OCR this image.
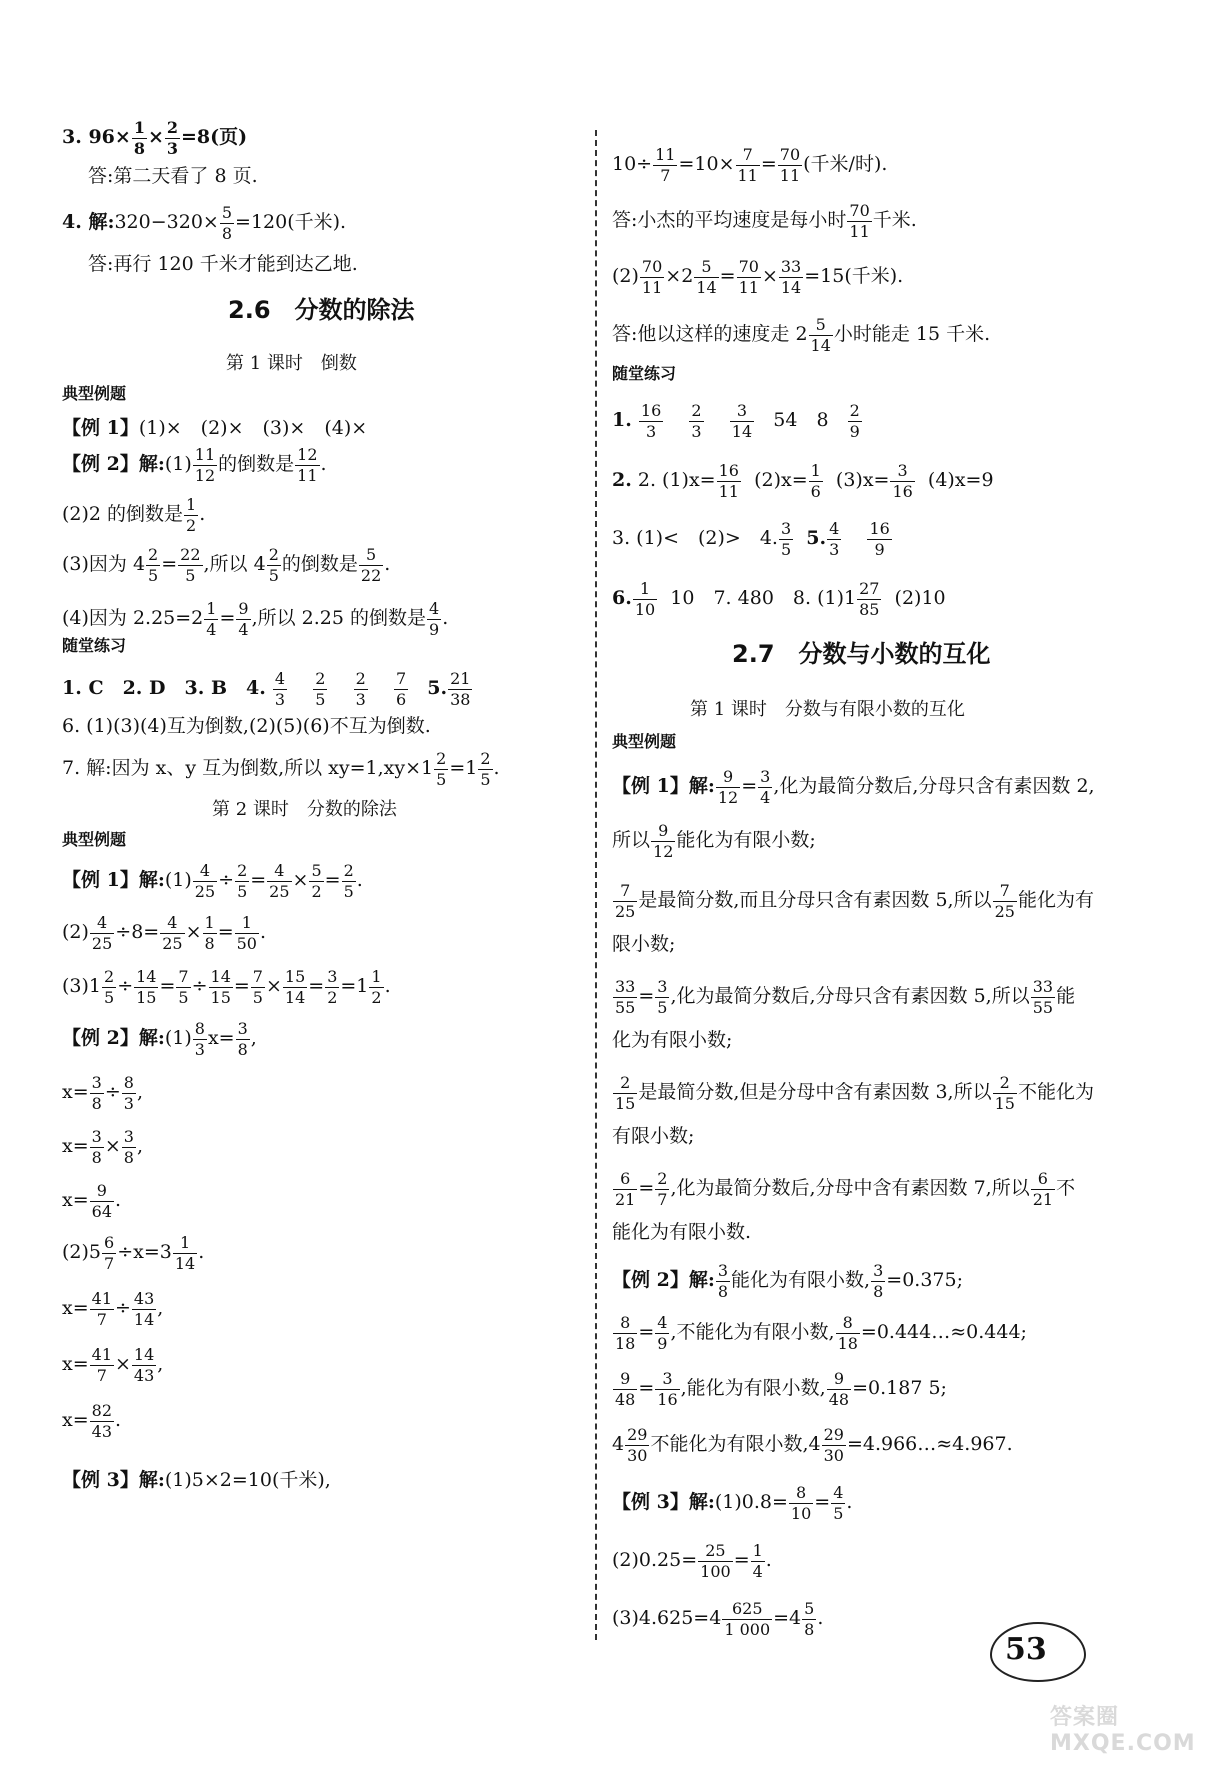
3. $96\times \frac{1}{8} \times \frac{2}{3} =8$(页)
答:第二天看了 8 页.
4. 解:320−320× $\frac{5}{8} =120$(千米).
答:再行 120 千米才能到达乙地.
2.6　分数的除法
第 1 课时　倒数
典型例题
【例 1】(1)×　(2)×　(3)×　(4)×
【例 2】解:(1) $\frac{11}{12}$ 的倒数是 $\frac{12}{11}$ .
(2)2 的倒数是 $\frac{1}{2}$ .
(3)因为 $4 \frac{2}{5} = \frac{22}{5}$ ,所以 $4 \frac{2}{5}$ 的倒数是 $\frac{5}{22}$ .
(4)因为 $2.25=2 \frac{1}{4} = \frac{9}{4}$ ,所以 2.25 的倒数是 $\frac{4}{9}$ .
随堂练习
1. C　2. D　3. B　4. $\frac{4}{3}$
$\frac{2}{5}$
$\frac{2}{3}$
$\frac{7}{6} 5$. $\frac{21}{38}$
6. (1)(3)(4)互为倒数,(2)(5)(6)不互为倒数.
7. 解:因为 x、y 互为倒数,所以 $xy=1,xy\times 1 \frac{2}{5} =1 \frac{2}{5}$ .
第 2 课时　分数的除法
典型例题
【例 1】解:(1) $\frac{4}{25} \div \frac{2}{5} = \frac{4}{25} \times \frac{5}{2} = \frac{2}{5}$ .
$(2) \frac{4}{25} \div 8= \frac{4}{25} \times \frac{1}{8} = \frac{1}{50}$ .
$(3)1 \frac{2}{5} \div \frac{14}{15} = \frac{7}{5} \div \frac{14}{15} = \frac{7}{5} \times \frac{15}{14} = \frac{3}{2} =1 \frac{1}{2}$ .
【例 2】解:(1) $\frac{8}{3} x= \frac{3}{8}$ ,
$x= \frac{3}{8} \div \frac{8}{3}$ ,
$x= \frac{3}{8} \times \frac{3}{8}$ ,
$x= \frac{9}{64}$ .
$(2)5 \frac{6}{7} \div x=3 \frac{1}{14}$ .
$x= \frac{41}{7} \div \frac{43}{14}$ ,
$x= \frac{41}{7} \times \frac{14}{43}$ ,
$x= \frac{82}{43}$ .
【例 3】解:(1)5×2=10(千米),
$10\div \frac{11}{7} =10\times \frac{7}{11} = \frac{70}{11}$ (千米/时).
答:小杰的平均速度是每小时 $\frac{70}{11}$ 千米.
$(2) \frac{70}{11} \times 2 \frac{5}{14} = \frac{70}{11} \times \frac{33}{14} =15$(千米).
答:他以这样的速度走 $2 \frac{5}{14}$ 小时能走 15 千米.
随堂练习
1. $\frac{16}{3}$
$\frac{2}{3}$
$\frac{3}{14} 54$　$8 \frac{2}{9}$
2. 2. $(1)x= \frac{16}{11} (2)x= \frac{1}{6} (3)x= \frac{3}{16} (4)x=9$
3. (1)<　(2)>　4. $\frac{3}{5} 5$. $\frac{4}{3}$
$\frac{16}{9}$
6. $\frac{1}{10} 10$　7. 480　8. $(1)1 \frac{27}{85} (2)10$
2.7　分数与小数的互化
第 1 课时　分数与有限小数的互化
典型例题
【例 1】解: $\frac{9}{12} = \frac{3}{4}$ ,化为最简分数后,分母只含有素因数 2,
所以 $\frac{9}{12}$ 能化为有限小数;
$\frac{7}{25}$ 是最简分数,而且分母只含有素因数 5,所以 $\frac{7}{25}$ 能化为有
限小数;
$\frac{33}{55} = \frac{3}{5}$ ,化为最简分数后,分母只含有素因数 5,所以 $\frac{33}{55}$ 能
化为有限小数;
$\frac{2}{15}$ 是最简分数,但是分母中含有素因数 3,所以 $\frac{2}{15}$ 不能化为
有限小数;
$\frac{6}{21} = \frac{2}{7}$ ,化为最简分数后,分母中含有素因数 7,所以 $\frac{6}{21}$ 不
能化为有限小数.
【例 2】解: $\frac{3}{8}$ 能化为有限小数, $\frac{3}{8} =0.375$;
$\frac{8}{18} = \frac{4}{9}$ ,不能化为有限小数, $\frac{8}{18}$ =0.444…≈0.444;
$\frac{9}{48} = \frac{3}{16}$ ,能化为有限小数, $\frac{9}{48} =0.187$ 5;
$4 \frac{29}{30}$ 不能化为有限小数$,4 \frac{29}{30}$ =4.966…≈4.967.
【例 3】解:(1)0.8= $\frac{8}{10} = \frac{4}{5}$ .
$(2)0.25= \frac{25}{100} = \frac{1}{4}$ .
$(3)4.625=4 \frac{625}{1 000} =4 \frac{5}{8}$ .
53
答案圈 MXQE.COM
